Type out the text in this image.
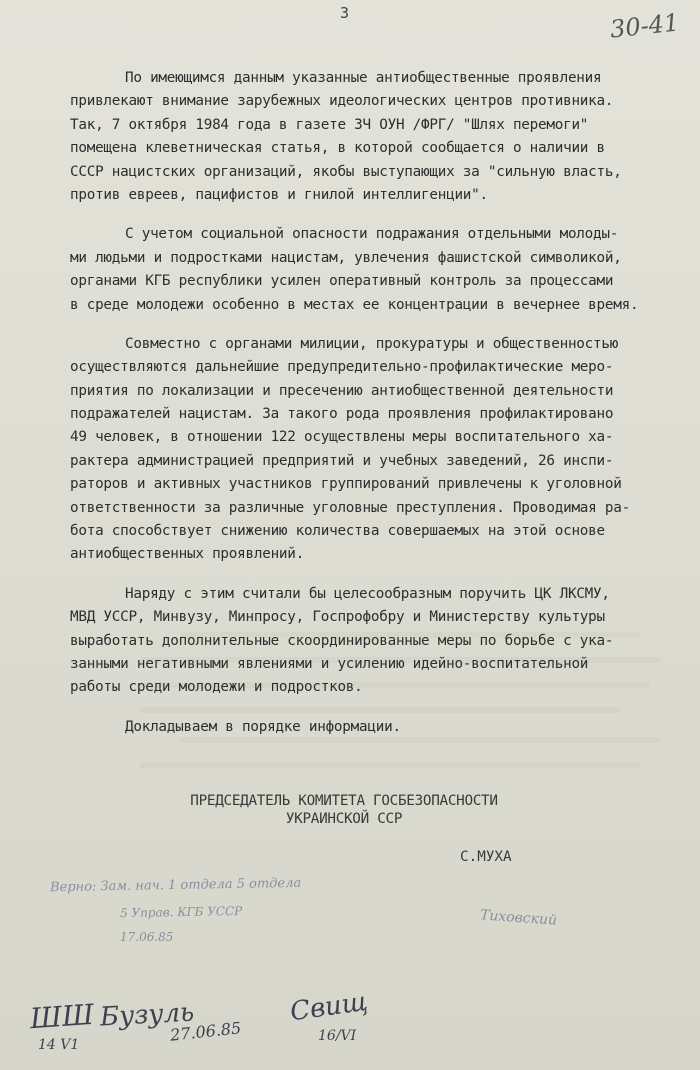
3	30-41
По имеющимся данным указанные антиобщественные проявления
привлекают внимание зарубежных идеологических центров противника.
Так, 7 октября 1984 года в газете ЗЧ ОУН /ФРГ/ "Шлях перемоги"
помещена клеветническая статья, в которой сообщается о наличии в
СССР нацистских организаций, якобы выступающих за "сильную власть,
против евреев, пацифистов и гнилой интеллигенции".
С учетом социальной опасности подражания отдельными молоды-
ми людьми и подростками нацистам, увлечения фашистской символикой,
органами КГБ республики усилен оперативный контроль за процессами
в среде молодежи особенно в местах ее концентрации в вечернее время.
Совместно с органами милиции, прокуратуры и общественностью
осуществляются дальнейшие предупредительно-профилактические меро-
приятия по локализации и пресечению антиобщественной деятельности
подражателей нацистам. За такого рода проявления профилактировано
49 человек, в отношении 122 осуществлены меры воспитательного ха-
рактера администрацией предприятий и учебных заведений, 26 инспи-
раторов и активных участников группирований привлечены к уголовной
ответственности за различные уголовные преступления. Проводимая ра-
бота способствует снижению количества совершаемых на этой основе
антиобщественных проявлений.
Наряду с этим считали бы целесообразным поручить ЦК ЛКСМУ,
МВД УССР, Минвузу, Минпросу, Госпрофобру и Министерству культуры
выработать дополнительные скоординированные меры по борьбе с ука-
занными негативными явлениями и усилению идейно-воспитательной
работы среди молодежи и подростков.
Докладываем в порядке информации.
ПРЕДСЕДАТЕЛЬ КОМИТЕТА ГОСБЕЗОПАСНОСТИ
УКРАИНСКОЙ ССР
С.МУХА
Верно: Зам. нач. 1 отдела 5 отдела
5 Управ. КГБ УССР
17.06.85
Тиховский
ШШ
14 V1
Бузуль
27.06.85
Свищ
16/VI
